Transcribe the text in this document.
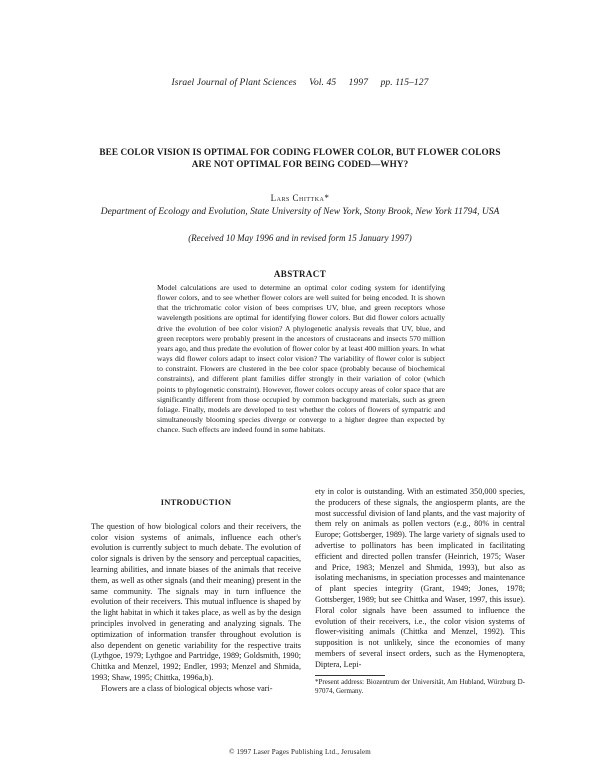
Israel Journal of Plant Sciences Vol. 45 1997 pp. 115–127
BEE COLOR VISION IS OPTIMAL FOR CODING FLOWER COLOR, BUT FLOWER COLORS ARE NOT OPTIMAL FOR BEING CODED—WHY?
Lars Chittka*
Department of Ecology and Evolution, State University of New York, Stony Brook, New York 11794, USA
(Received 10 May 1996 and in revised form 15 January 1997)
ABSTRACT
Model calculations are used to determine an optimal color coding system for identifying flower colors, and to see whether flower colors are well suited for being encoded. It is shown that the trichromatic color vision of bees comprises UV, blue, and green receptors whose wavelength positions are optimal for identifying flower colors. But did flower colors actually drive the evolution of bee color vision? A phylogenetic analysis reveals that UV, blue, and green receptors were probably present in the ancestors of crustaceans and insects 570 million years ago, and thus predate the evolution of flower color by at least 400 million years. In what ways did flower colors adapt to insect color vision? The variability of flower color is subject to constraint. Flowers are clustered in the bee color space (probably because of biochemical constraints), and different plant families differ strongly in their variation of color (which points to phylogenetic constraint). However, flower colors occupy areas of color space that are significantly different from those occupied by common background materials, such as green foliage. Finally, models are developed to test whether the colors of flowers of sympatric and simultaneously blooming species diverge or converge to a higher degree than expected by chance. Such effects are indeed found in some habitats.
INTRODUCTION

The question of how biological colors and their receivers, the color vision systems of animals, influence each other's evolution is currently subject to much debate. The evolution of color signals is driven by the sensory and perceptual capacities, learning abilities, and innate biases of the animals that receive them, as well as other signals (and their meaning) present in the same community. The signals may in turn influence the evolution of their receivers. This mutual influence is shaped by the light habitat in which it takes place, as well as by the design principles involved in generating and analyzing signals. The optimization of information transfer throughout evolution is also dependent on genetic variability for the respective traits (Lythgoe, 1979; Lythgoe and Partridge, 1989; Goldsmith, 1990; Chittka and Menzel, 1992; Endler, 1993; Menzel and Shmida, 1993; Shaw, 1995; Chittka, 1996a,b).

Flowers are a class of biological objects whose vari-

ety in color is outstanding. With an estimated 350,000 species, the producers of these signals, the angiosperm plants, are the most successful division of land plants, and the vast majority of them rely on animals as pollen vectors (e.g., 80% in central Europe; Gottsberger, 1989). The large variety of signals used to advertise to pollinators has been implicated in facilitating efficient and directed pollen transfer (Heinrich, 1975; Waser and Price, 1983; Menzel and Shmida, 1993), but also as isolating mechanisms, in speciation processes and maintenance of plant species integrity (Grant, 1949; Jones, 1978; Gottsberger, 1989; but see Chittka and Waser, 1997, this issue). Floral color signals have been assumed to influence the evolution of their receivers, i.e., the color vision systems of flower-visiting animals (Chittka and Menzel, 1992). This supposition is not unlikely, since the economies of many members of several insect orders, such as the Hymenoptera, Diptera, Lepi-

*Present address: Biozentrum der Universität, Am Hubland, Würzburg D-97074, Germany.

© 1997 Laser Pages Publishing Ltd., Jerusalem
